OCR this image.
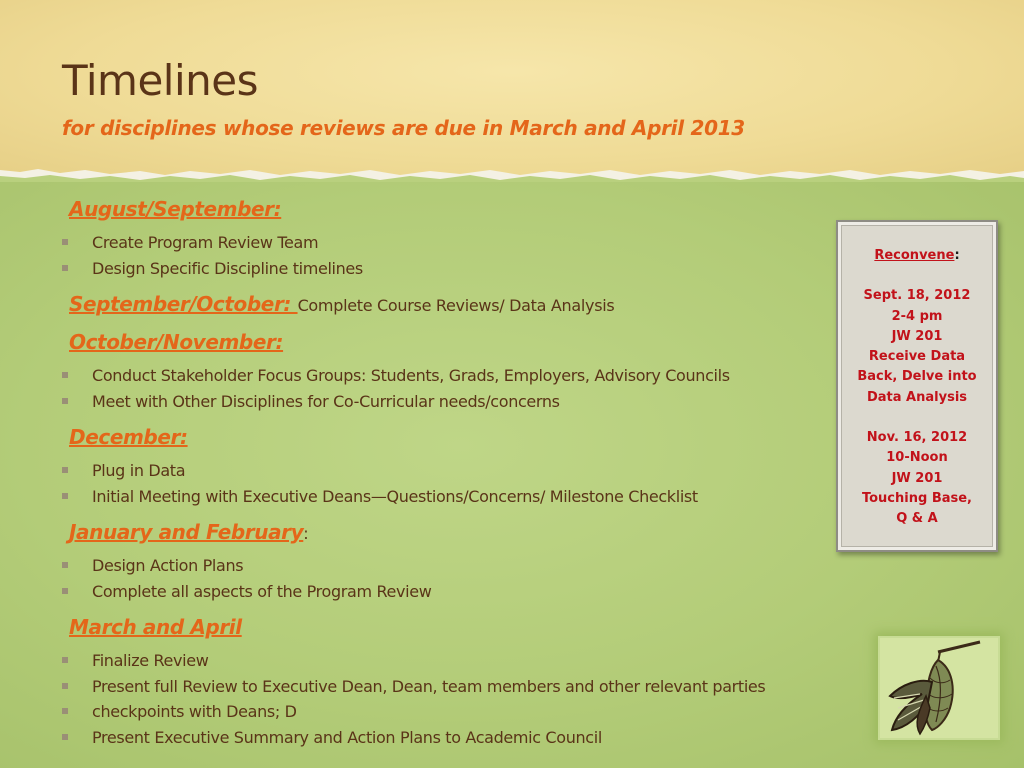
Timelines
for disciplines whose reviews are due in March and April 2013

August/September:

Create Program Review Team
Design Specific Discipline timelines

September/October: Complete Course Reviews/ Data Analysis

October/November:

Conduct Stakeholder Focus Groups: Students, Grads, Employers, Advisory Councils
Meet with Other Disciplines for Co-Curricular needs/concerns

December:

Plug in Data
Initial Meeting with Executive Deans—Questions/Concerns/ Milestone Checklist

January and February:

Design Action Plans
Complete all aspects of the Program Review

March and April

Finalize Review
Present full Review to Executive Dean, Dean, team members and other relevant parties
checkpoints with Deans; D
Present Executive Summary and Action Plans to Academic Council
Reconvene:
Sept. 18, 2012
2-4 pm
JW 201
Receive Data
Back, Delve into
Data Analysis
Nov. 16, 2012
10-Noon
JW 201
Touching Base,
Q & A
